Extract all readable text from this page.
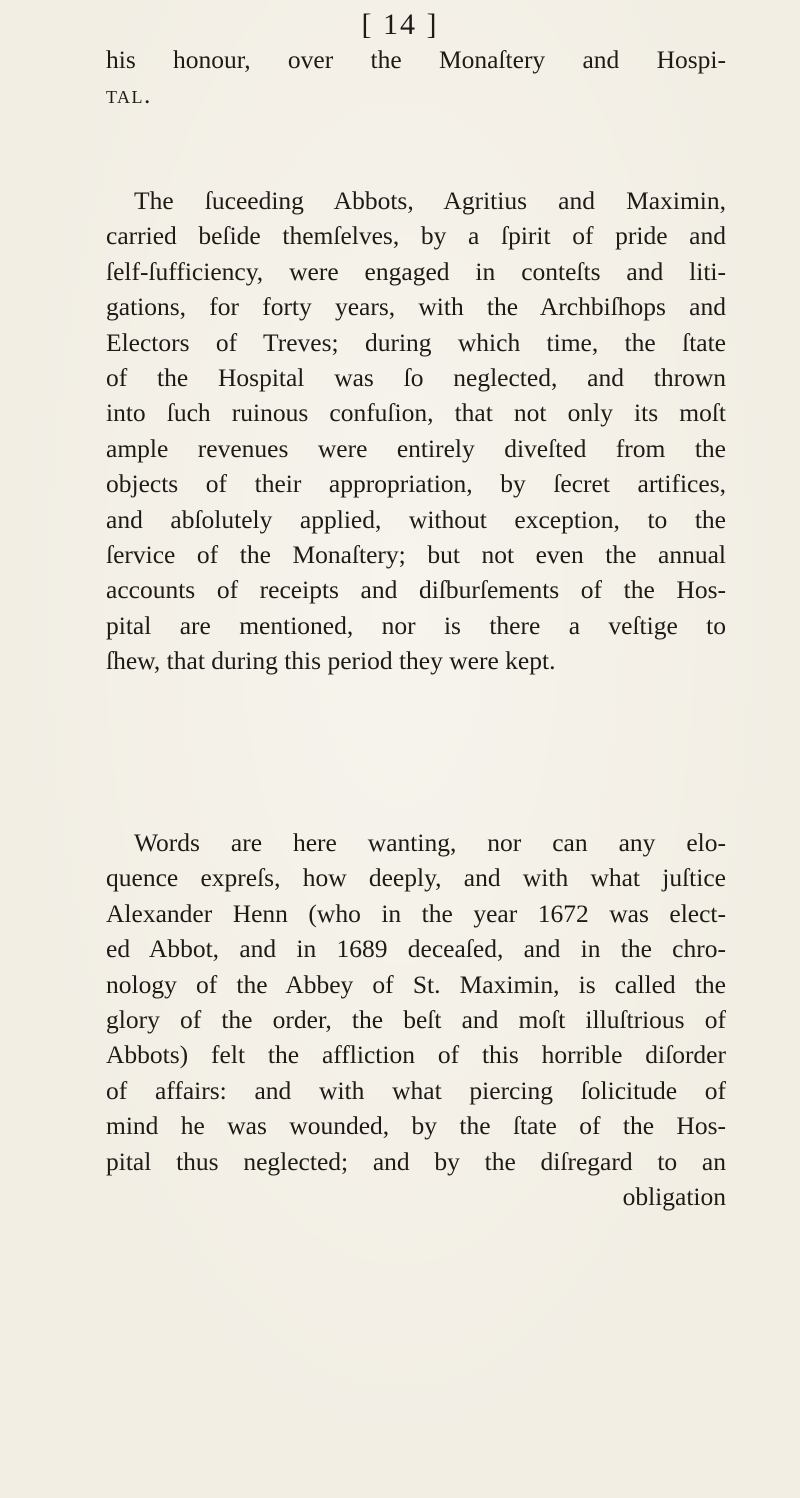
[ 14 ]
his honour, over the Monaſtery and Hospi-
tal.
The ſuceeding Abbots, Agritius and Maximin,
carried beſide themſelves, by a ſpirit of pride and
ſelf-ſufficiency, were engaged in conteſts and liti-
gations, for forty years, with the Archbiſhops and
Electors of Treves; during which time, the ſtate
of the Hospital was ſo neglected, and thrown
into ſuch ruinous confuſion, that not only its moſt
ample revenues were entirely diveſted from the
objects of their appropriation, by ſecret artifices,
and abſolutely applied, without exception, to the
ſervice of the Monaſtery; but not even the annual
accounts of receipts and diſburſements of the Hos-
pital are mentioned, nor is there a veſtige to
ſhew, that during this period they were kept.
Words are here wanting, nor can any elo-
quence expreſs, how deeply, and with what juſtice
Alexander Henn (who in the year 1672 was elect-
ed Abbot, and in 1689 deceaſed, and in the chro-
nology of the Abbey of St. Maximin, is called the
glory of the order, the beſt and moſt illuſtrious of
Abbots) felt the affliction of this horrible diſorder
of affairs: and with what piercing ſolicitude of
mind he was wounded, by the ſtate of the Hos-
pital thus neglected; and by the diſregard to an
obligation
